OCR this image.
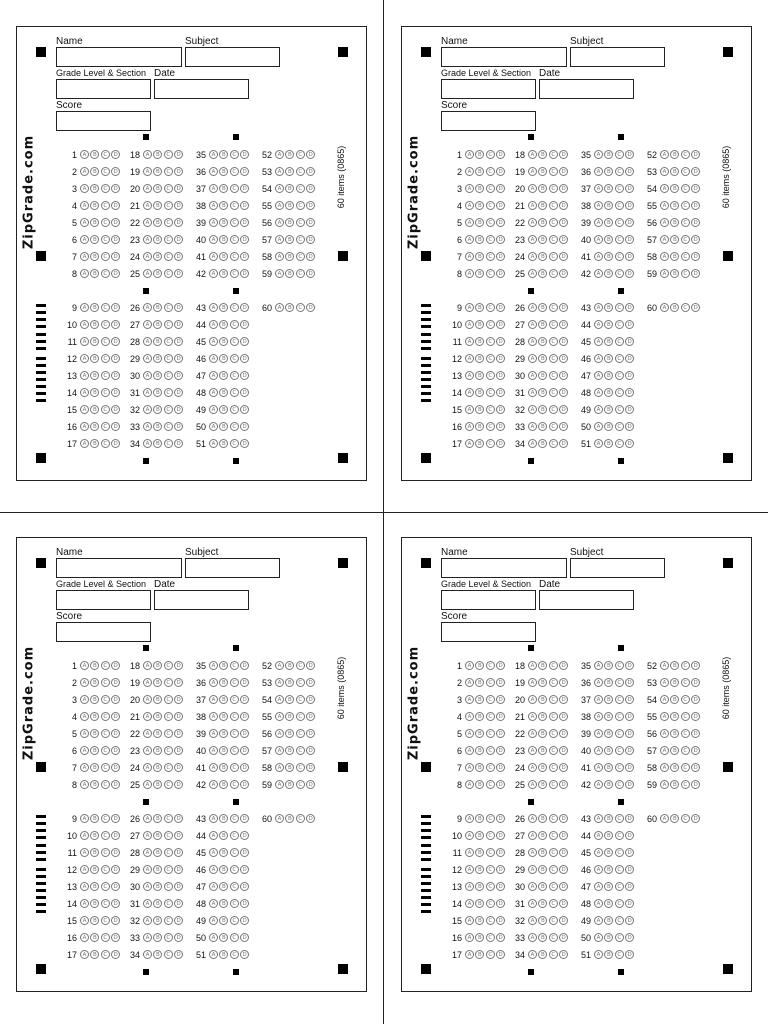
Name	Subject
Grade Level & Section Date
Score
ZipGrade.com	60 items (0865)
1	A	B	C	D
2	A	B	C	D
3	A	B	C	D
4	A	B	C	D
5	A	B	C	D
6	A	B	C	D
7	A	B	C	D
8	A	B	C	D
18	A	B	C	D
19	A	B	C	D
20	A	B	C	D
21	A	B	C	D
22	A	B	C	D
23	A	B	C	D
24	A	B	C	D
25	A	B	C	D
35	A	B	C	D
36	A	B	C	D
37	A	B	C	D
38	A	B	C	D
39	A	B	C	D
40	A	B	C	D
41	A	B	C	D
42	A	B	C	D
52	A	B	C	D
53	A	B	C	D
54	A	B	C	D
55	A	B	C	D
56	A	B	C	D
57	A	B	C	D
58	A	B	C	D
59	A	B	C	D
9	A	B	C	D
10	A	B	C	D
11	A	B	C	D
12	A	B	C	D
13	A	B	C	D
14	A	B	C	D
15	A	B	C	D
16	A	B	C	D
17	A	B	C	D
26	A	B	C	D
27	A	B	C	D
28	A	B	C	D
29	A	B	C	D
30	A	B	C	D
31	A	B	C	D
32	A	B	C	D
33	A	B	C	D
34	A	B	C	D
43	A	B	C	D
44	A	B	C	D
45	A	B	C	D
46	A	B	C	D
47	A	B	C	D
48	A	B	C	D
49	A	B	C	D
50	A	B	C	D
51	A	B	C	D
60	A	B	C	D
Name	Subject
Grade Level & Section Date
Score
ZipGrade.com	60 items (0865)
1	A	B	C	D
2	A	B	C	D
3	A	B	C	D
4	A	B	C	D
5	A	B	C	D
6	A	B	C	D
7	A	B	C	D
8	A	B	C	D
18	A	B	C	D
19	A	B	C	D
20	A	B	C	D
21	A	B	C	D
22	A	B	C	D
23	A	B	C	D
24	A	B	C	D
25	A	B	C	D
35	A	B	C	D
36	A	B	C	D
37	A	B	C	D
38	A	B	C	D
39	A	B	C	D
40	A	B	C	D
41	A	B	C	D
42	A	B	C	D
52	A	B	C	D
53	A	B	C	D
54	A	B	C	D
55	A	B	C	D
56	A	B	C	D
57	A	B	C	D
58	A	B	C	D
59	A	B	C	D
9	A	B	C	D
10	A	B	C	D
11	A	B	C	D
12	A	B	C	D
13	A	B	C	D
14	A	B	C	D
15	A	B	C	D
16	A	B	C	D
17	A	B	C	D
26	A	B	C	D
27	A	B	C	D
28	A	B	C	D
29	A	B	C	D
30	A	B	C	D
31	A	B	C	D
32	A	B	C	D
33	A	B	C	D
34	A	B	C	D
43	A	B	C	D
44	A	B	C	D
45	A	B	C	D
46	A	B	C	D
47	A	B	C	D
48	A	B	C	D
49	A	B	C	D
50	A	B	C	D
51	A	B	C	D
60	A	B	C	D
Name	Subject
Grade Level & Section Date
Score
ZipGrade.com	60 items (0865)
1	A	B	C	D
2	A	B	C	D
3	A	B	C	D
4	A	B	C	D
5	A	B	C	D
6	A	B	C	D
7	A	B	C	D
8	A	B	C	D
18	A	B	C	D
19	A	B	C	D
20	A	B	C	D
21	A	B	C	D
22	A	B	C	D
23	A	B	C	D
24	A	B	C	D
25	A	B	C	D
35	A	B	C	D
36	A	B	C	D
37	A	B	C	D
38	A	B	C	D
39	A	B	C	D
40	A	B	C	D
41	A	B	C	D
42	A	B	C	D
52	A	B	C	D
53	A	B	C	D
54	A	B	C	D
55	A	B	C	D
56	A	B	C	D
57	A	B	C	D
58	A	B	C	D
59	A	B	C	D
9	A	B	C	D
10	A	B	C	D
11	A	B	C	D
12	A	B	C	D
13	A	B	C	D
14	A	B	C	D
15	A	B	C	D
16	A	B	C	D
17	A	B	C	D
26	A	B	C	D
27	A	B	C	D
28	A	B	C	D
29	A	B	C	D
30	A	B	C	D
31	A	B	C	D
32	A	B	C	D
33	A	B	C	D
34	A	B	C	D
43	A	B	C	D
44	A	B	C	D
45	A	B	C	D
46	A	B	C	D
47	A	B	C	D
48	A	B	C	D
49	A	B	C	D
50	A	B	C	D
51	A	B	C	D
60	A	B	C	D
Name	Subject
Grade Level & Section Date
Score
ZipGrade.com	60 items (0865)
1	A	B	C	D
2	A	B	C	D
3	A	B	C	D
4	A	B	C	D
5	A	B	C	D
6	A	B	C	D
7	A	B	C	D
8	A	B	C	D
18	A	B	C	D
19	A	B	C	D
20	A	B	C	D
21	A	B	C	D
22	A	B	C	D
23	A	B	C	D
24	A	B	C	D
25	A	B	C	D
35	A	B	C	D
36	A	B	C	D
37	A	B	C	D
38	A	B	C	D
39	A	B	C	D
40	A	B	C	D
41	A	B	C	D
42	A	B	C	D
52	A	B	C	D
53	A	B	C	D
54	A	B	C	D
55	A	B	C	D
56	A	B	C	D
57	A	B	C	D
58	A	B	C	D
59	A	B	C	D
9	A	B	C	D
10	A	B	C	D
11	A	B	C	D
12	A	B	C	D
13	A	B	C	D
14	A	B	C	D
15	A	B	C	D
16	A	B	C	D
17	A	B	C	D
26	A	B	C	D
27	A	B	C	D
28	A	B	C	D
29	A	B	C	D
30	A	B	C	D
31	A	B	C	D
32	A	B	C	D
33	A	B	C	D
34	A	B	C	D
43	A	B	C	D
44	A	B	C	D
45	A	B	C	D
46	A	B	C	D
47	A	B	C	D
48	A	B	C	D
49	A	B	C	D
50	A	B	C	D
51	A	B	C	D
60	A	B	C	D
